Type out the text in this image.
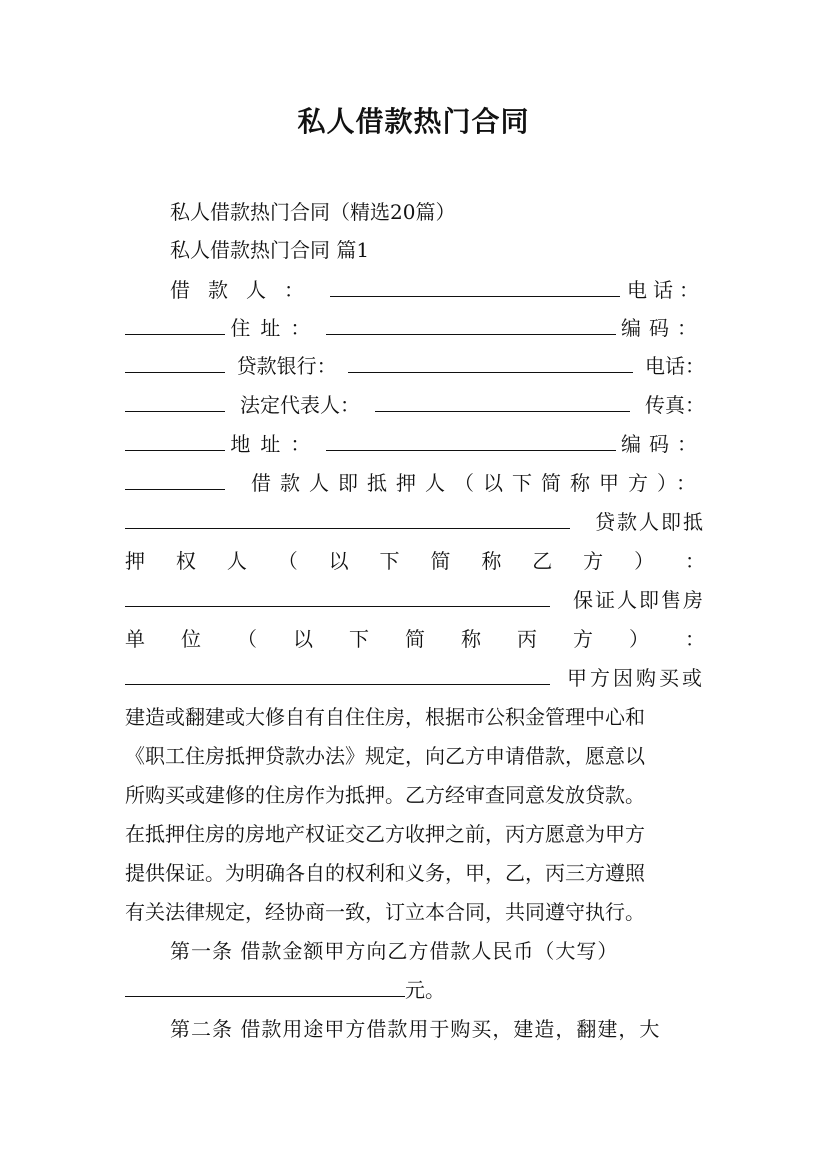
私人借款热门合同
私人借款热门合同（精选20篇）
私人借款热门合同 篇1
借款人：	电话：
住址：	编码：
贷款银行：	电话：
法定代表人：	传真：
地址：	编码：
借款人即抵押人（以下简称甲方）：
贷款人即抵
押 权 人 （ 以 下 简 称 乙 方 ） ：
保证人即售房
单 位 （ 以 下 简 称 丙 方 ） ：
甲方因购买或
建造或翻建或大修自有自住住房，根据市公积金管理中心和
《职工住房抵押贷款办法》规定，向乙方申请借款，愿意以
所购买或建修的住房作为抵押。乙方经审查同意发放贷款。
在抵押住房的房地产权证交乙方收押之前，丙方愿意为甲方
提供保证。为明确各自的权利和义务，甲，乙，丙三方遵照
有关法律规定，经协商一致，订立本合同，共同遵守执行。
第一条 借款金额甲方向乙方借款人民币（大写）
元。
第二条 借款用途甲方借款用于购买，建造，翻建，大
